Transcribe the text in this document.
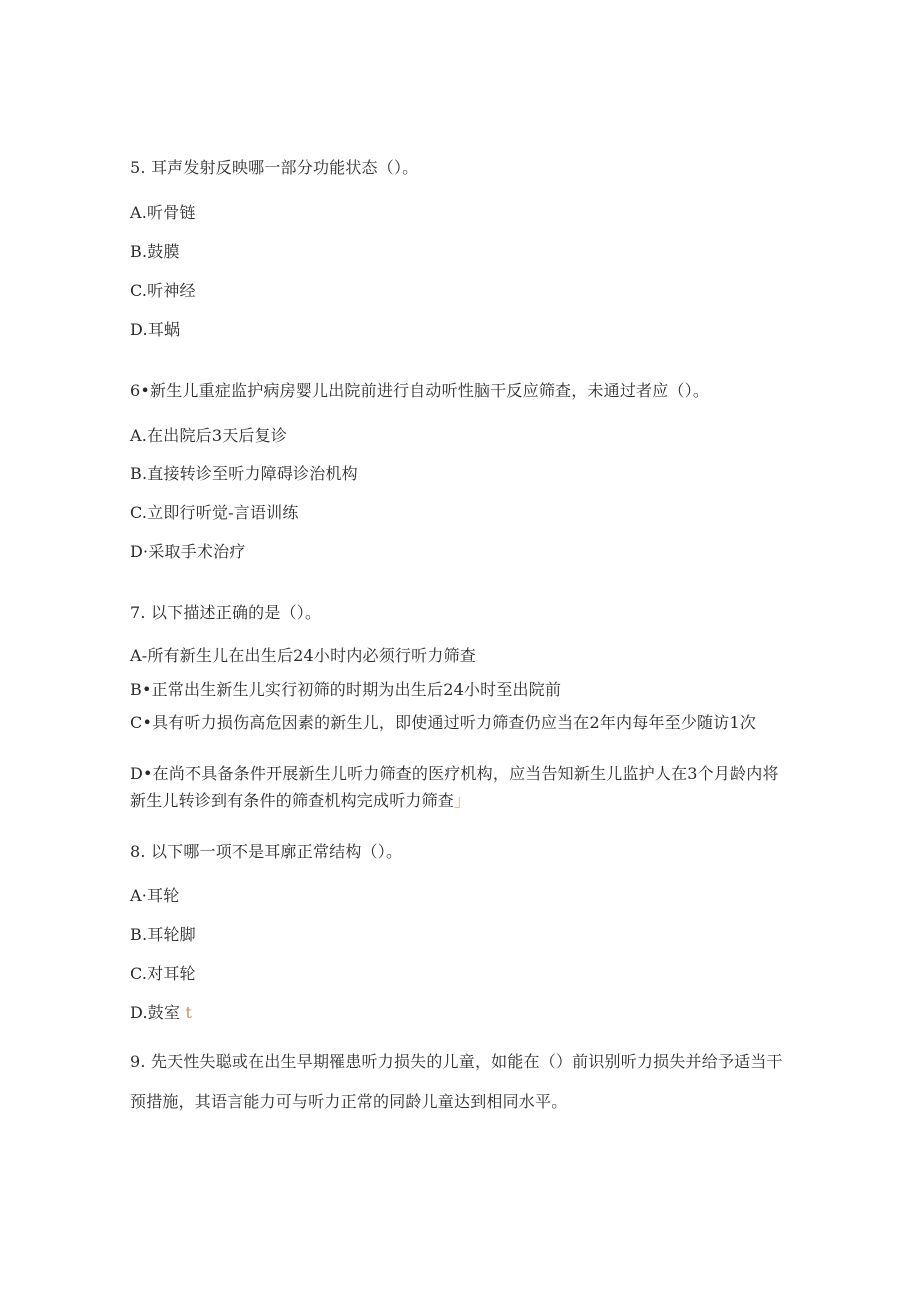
5. 耳声发射反映哪一部分功能状态（）。
A.听骨链
B.鼓膜
C.听神经
D.耳蜗
6•新生儿重症监护病房婴儿出院前进行自动听性脑干反应筛查，未通过者应（）。
A.在出院后3天后复诊
B.直接转诊至听力障碍诊治机构
C.立即行听觉-言语训练
D·采取手术治疗
7. 以下描述正确的是（）。
A-所有新生儿在出生后24小时内必须行听力筛查
B•正常出生新生儿实行初筛的时期为出生后24小时至出院前
C•具有听力损伤高危因素的新生儿，即使通过听力筛查仍应当在2年内每年至少随访1次
D•在尚不具备条件开展新生儿听力筛查的医疗机构，应当告知新生儿监护人在3个月龄内将新生儿转诊到有条件的筛查机构完成听力筛查」
8. 以下哪一项不是耳廓正常结构（）。
A·耳轮
B.耳轮脚
C.对耳轮
D.鼓室 t
9. 先天性失聪或在出生早期罹患听力损失的儿童，如能在（）前识别听力损失并给予适当干预措施，其语言能力可与听力正常的同龄儿童达到相同水平。
